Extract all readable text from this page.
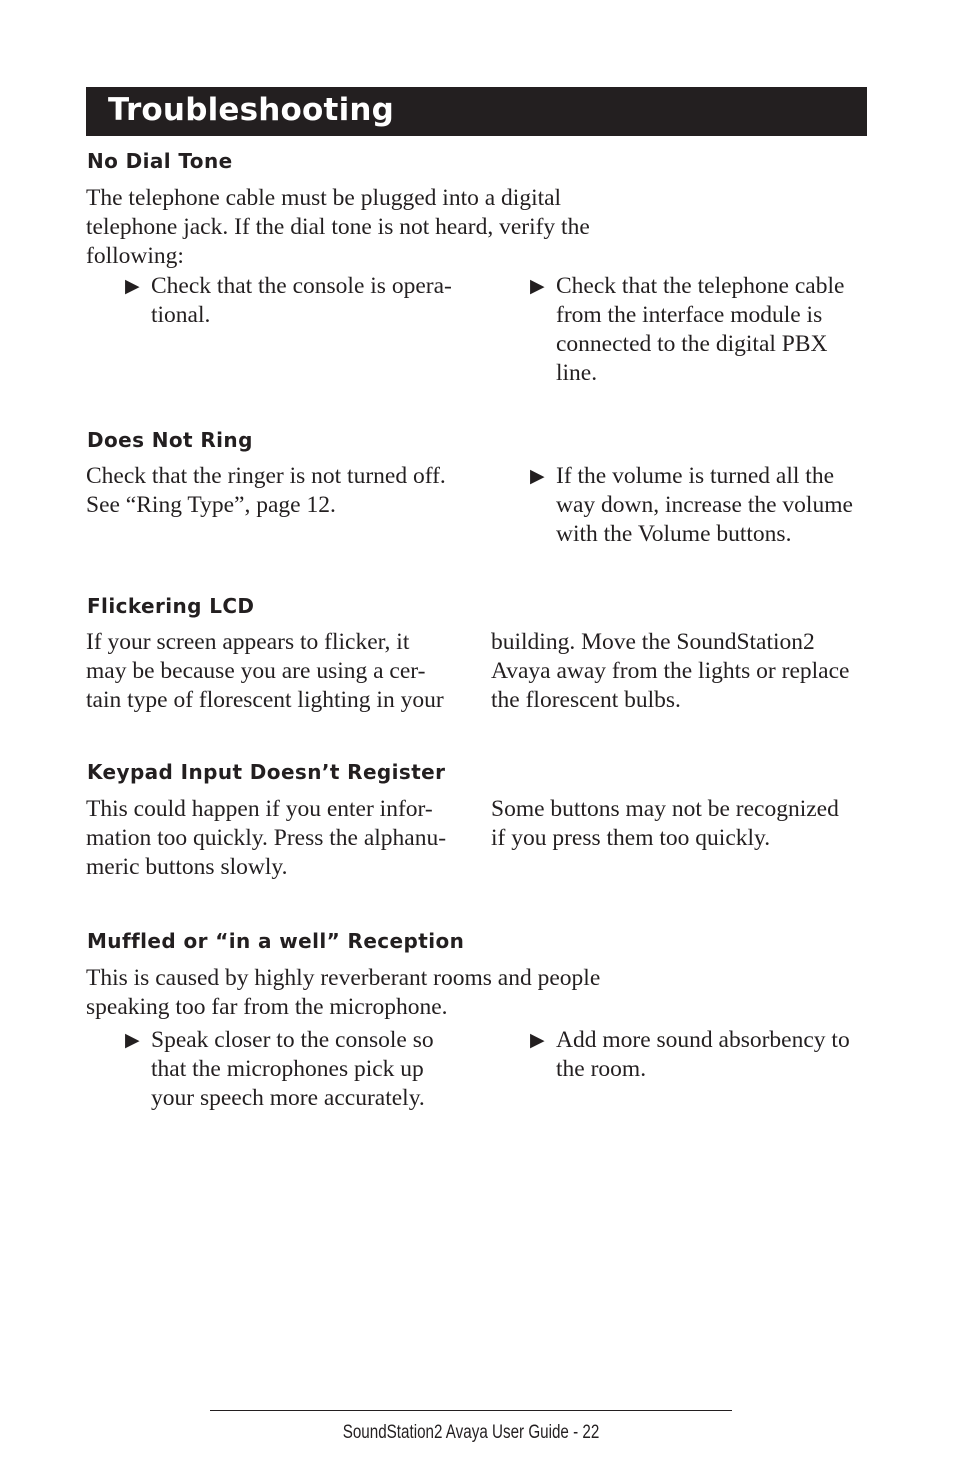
Troubleshooting
No Dial Tone
The telephone cable must be plugged into a digital
telephone jack. If the dial tone is not heard, verify the
following:
▶ Check that the console is opera-
tional.
▶ Check that the telephone cable
from the interface module is
connected to the digital PBX
line.
Does Not Ring
Check that the ringer is not turned off.
See “Ring Type”, page 12.
▶ If the volume is turned all the
way down, increase the volume
with the Volume buttons.
Flickering LCD
If your screen appears to flicker, it
may be because you are using a cer-
tain type of florescent lighting in your
building. Move the SoundStation2
Avaya away from the lights or replace
the florescent bulbs.
Keypad Input Doesn’t Register
This could happen if you enter infor-
mation too quickly. Press the alphanu-
meric buttons slowly.
Some buttons may not be recognized
if you press them too quickly.
Muffled or “in a well” Reception
This is caused by highly reverberant rooms and people
speaking too far from the microphone.
▶ Speak closer to the console so
that the microphones pick up
your speech more accurately.
▶ Add more sound absorbency to
the room.
SoundStation2 Avaya User Guide - 22
